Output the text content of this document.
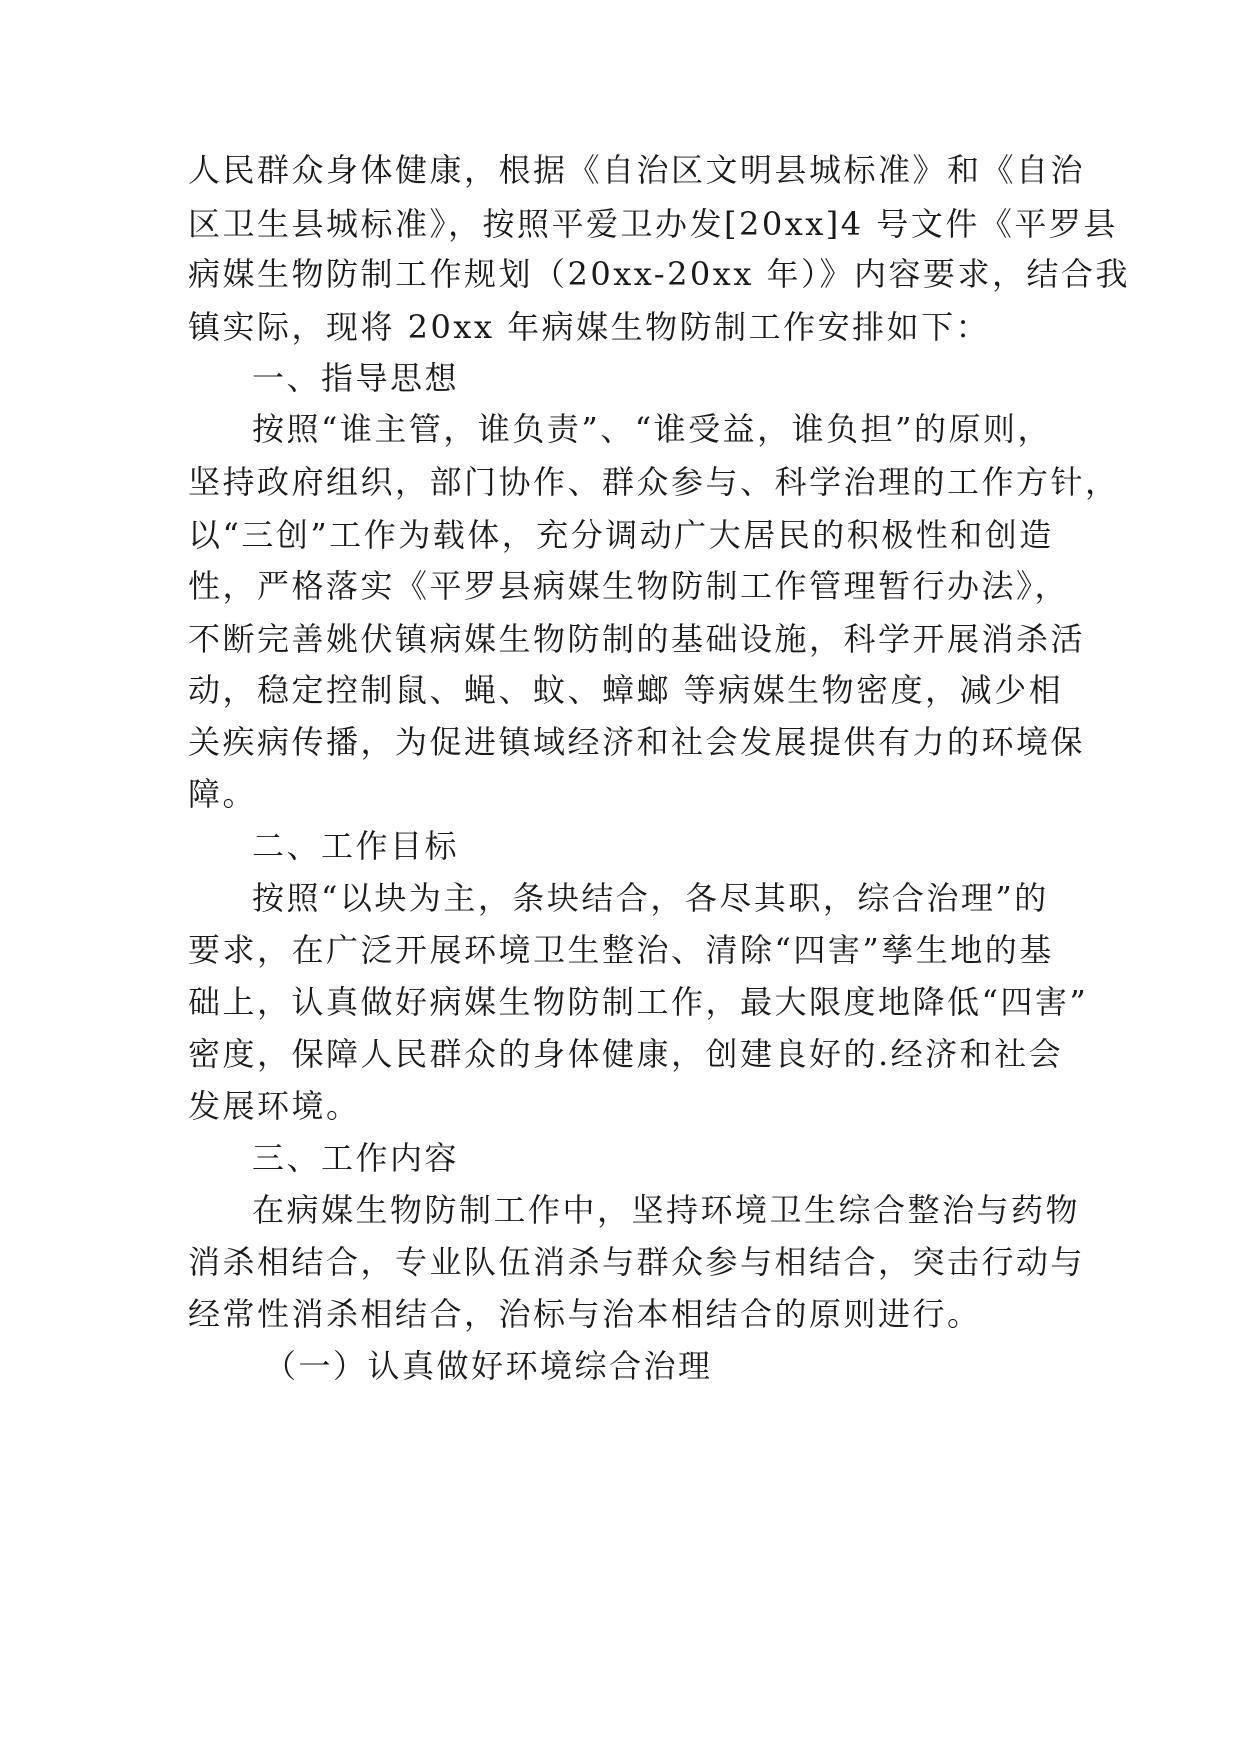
人民群众身体健康，根据《自治区文明县城标准》和《自治
区卫生县城标准》，按照平爱卫办发[20xx]4 号文件《平罗县
病媒生物防制工作规划（20xx-20xx 年）》内容要求，结合我
镇实际，现将 20xx 年病媒生物防制工作安排如下：
一、指导思想
按照“谁主管，谁负责”、“谁受益，谁负担”的原则，
坚持政府组织，部门协作、群众参与、科学治理的工作方针，
以“三创”工作为载体，充分调动广大居民的积极性和创造
性，严格落实《平罗县病媒生物防制工作管理暂行办法》，
不断完善姚伏镇病媒生物防制的基础设施，科学开展消杀活
动，稳定控制鼠、蝇、蚊、蟑螂 等病媒生物密度，减少相
关疾病传播，为促进镇域经济和社会发展提供有力的环境保
障。
二、工作目标
按照“以块为主，条块结合，各尽其职，综合治理”的
要求，在广泛开展环境卫生整治、清除“四害”孳生地的基
础上，认真做好病媒生物防制工作，最大限度地降低“四害”
密度，保障人民群众的身体健康，创建良好的.经济和社会
发展环境。
三、工作内容
在病媒生物防制工作中，坚持环境卫生综合整治与药物
消杀相结合，专业队伍消杀与群众参与相结合，突击行动与
经常性消杀相结合，治标与治本相结合的原则进行。
（一）认真做好环境综合治理
